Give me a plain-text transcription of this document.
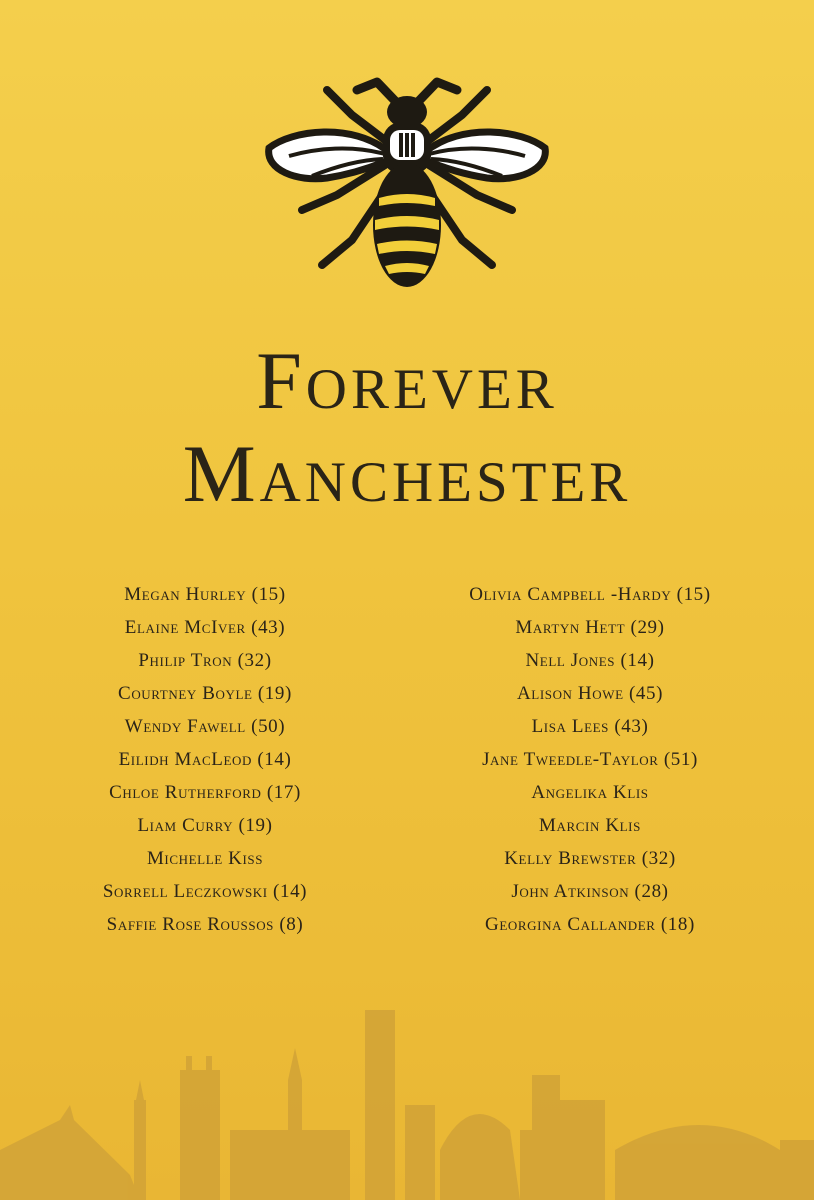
Forever
Manchester
Megan Hurley (15)
Elaine McIver (43)
Philip Tron (32)
Courtney Boyle (19)
Wendy Fawell (50)
Eilidh MacLeod (14)
Chloe Rutherford (17)
Liam Curry (19)
Michelle Kiss
Sorrell Leczkowski (14)
Saffie Rose Roussos (8)
Olivia Campbell -Hardy (15)
Martyn Hett (29)
Nell Jones (14)
Alison Howe (45)
Lisa Lees (43)
Jane Tweedle-Taylor (51)
Angelika Klis
Marcin Klis
Kelly Brewster (32)
John Atkinson (28)
Georgina Callander (18)
